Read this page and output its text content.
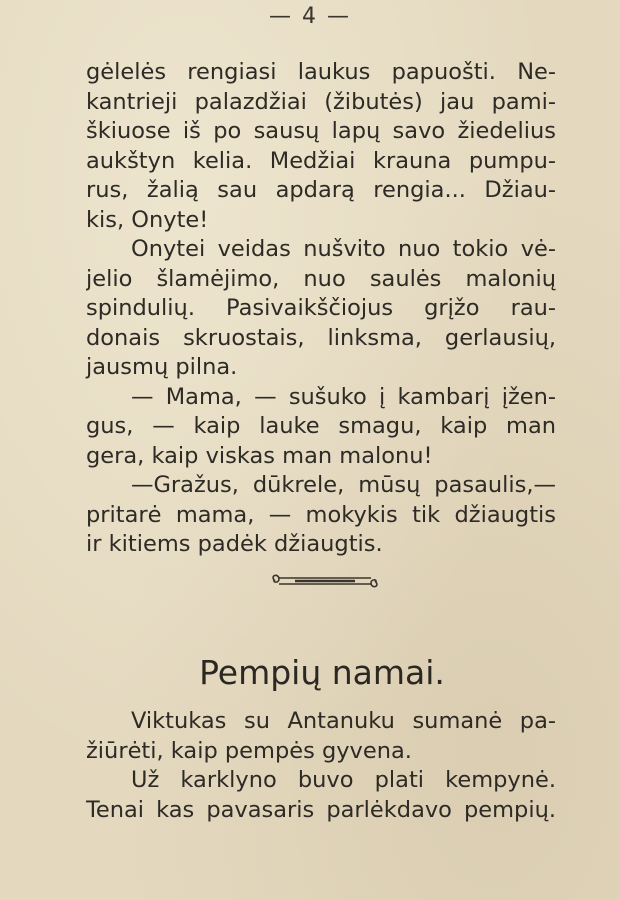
— 4 —
gėlelės rengiasi laukus papuošti. Ne-
kantrieji palazdžiai (žibutės) jau pami-
škiuose iš po sausų lapų savo žiedelius
aukštyn kelia. Medžiai krauna pumpu-
rus, žalią sau apdarą rengia... Džiau-
kis, Onyte!
Onytei veidas nušvito nuo tokio vė-
jelio šlamėjimo, nuo saulės malonių
spindulių. Pasivaikščiojus grįžo rau-
donais skruostais, linksma, gerlausių,
jausmų pilna.
— Mama, — sušuko į kambarį įžen-
gus, — kaip lauke smagu, kaip man
gera, kaip viskas man malonu!
—Gražus, dūkrele, mūsų pasaulis,—
pritarė mama, — mokykis tik džiaugtis
ir kitiems padėk džiaugtis.
Pempių namai.
Viktukas su Antanuku sumanė pa-
žiūrėti, kaip pempės gyvena.
Už karklyno buvo plati kempynė.
Tenai kas pavasaris parlėkdavo pempių.
